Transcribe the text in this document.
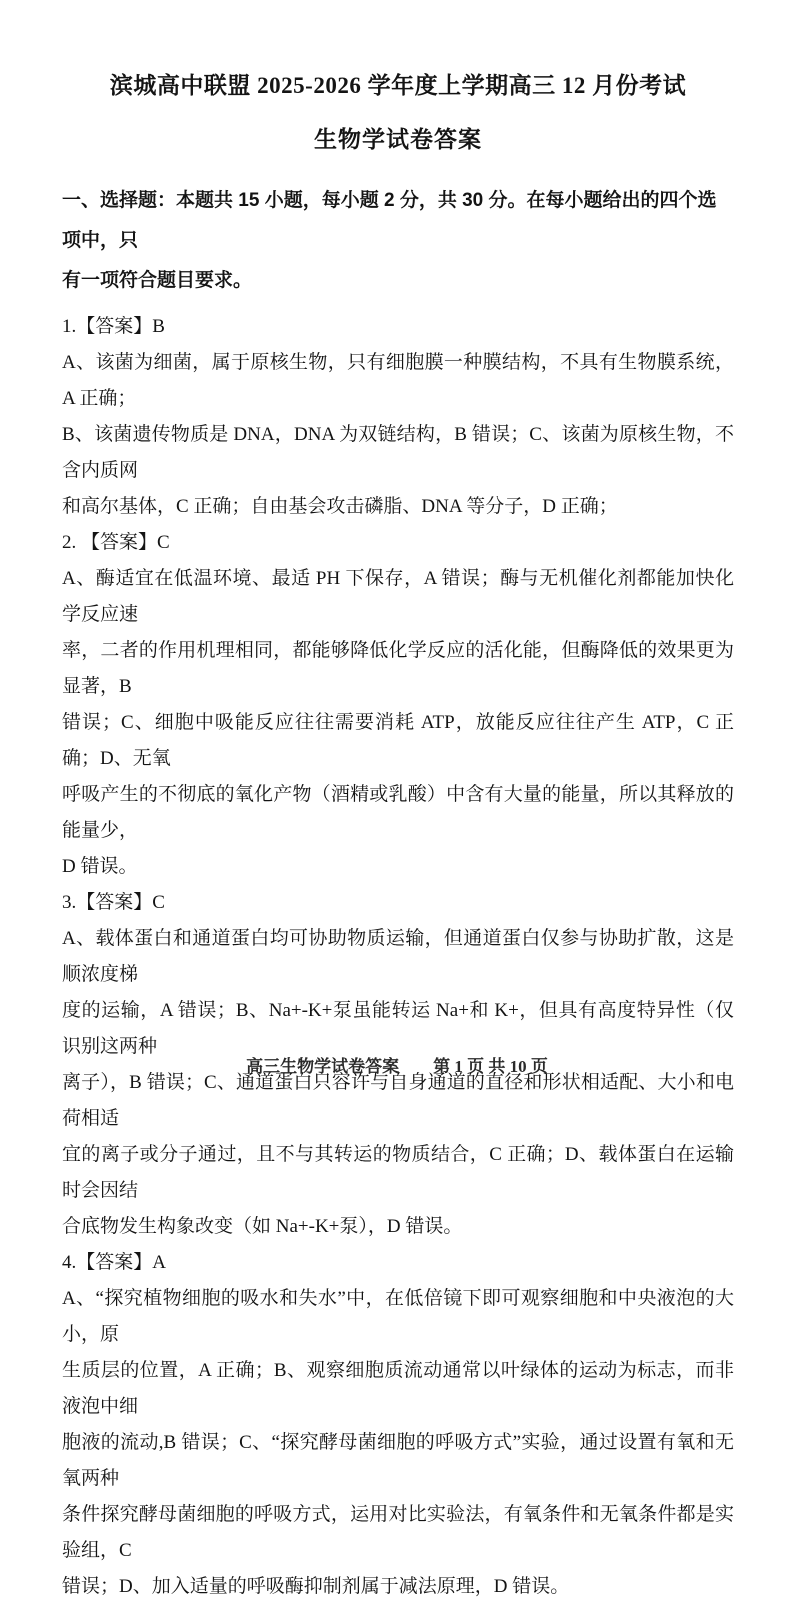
滨城高中联盟 2025-2026 学年度上学期高三 12 月份考试
生物学试卷答案
一、选择题：本题共 15 小题，每小题 2 分，共 30 分。在每小题给出的四个选项中，只
有一项符合题目要求。
1.【答案】B
A、该菌为细菌，属于原核生物，只有细胞膜一种膜结构，不具有生物膜系统，A 正确；
B、该菌遗传物质是 DNA，DNA 为双链结构，B 错误；C、该菌为原核生物，不含内质网
和高尔基体，C 正确；自由基会攻击磷脂、DNA 等分子，D 正确；
2. 【答案】C
A、酶适宜在低温环境、最适 PH 下保存，A 错误；酶与无机催化剂都能加快化学反应速
率，二者的作用机理相同，都能够降低化学反应的活化能，但酶降低的效果更为显著，B
错误；C、细胞中吸能反应往往需要消耗 ATP，放能反应往往产生 ATP，C 正确；D、无氧
呼吸产生的不彻底的氧化产物（酒精或乳酸）中含有大量的能量，所以其释放的能量少，
D 错误。
3.【答案】C
A、载体蛋白和通道蛋白均可协助物质运输，但通道蛋白仅参与协助扩散，这是顺浓度梯
度的运输，A 错误；B、Na+-K+泵虽能转运 Na+和 K+，但具有高度特异性（仅识别这两种
离子），B 错误；C、通道蛋白只容许与自身通道的直径和形状相适配、大小和电荷相适
宜的离子或分子通过，且不与其转运的物质结合，C 正确；D、载体蛋白在运输时会因结
合底物发生构象改变（如 Na+-K+泵），D 错误。
4.【答案】A
A、“探究植物细胞的吸水和失水”中，在低倍镜下即可观察细胞和中央液泡的大小，原
生质层的位置，A 正确；B、观察细胞质流动通常以叶绿体的运动为标志，而非液泡中细
胞液的流动,B 错误；C、“探究酵母菌细胞的呼吸方式”实验，通过设置有氧和无氧两种
条件探究酵母菌细胞的呼吸方式，运用对比实验法，有氧条件和无氧条件都是实验组，C
错误；D、加入适量的呼吸酶抑制剂属于减法原理，D 错误。
高三生物学试卷答案 第 1 页 共 10 页
